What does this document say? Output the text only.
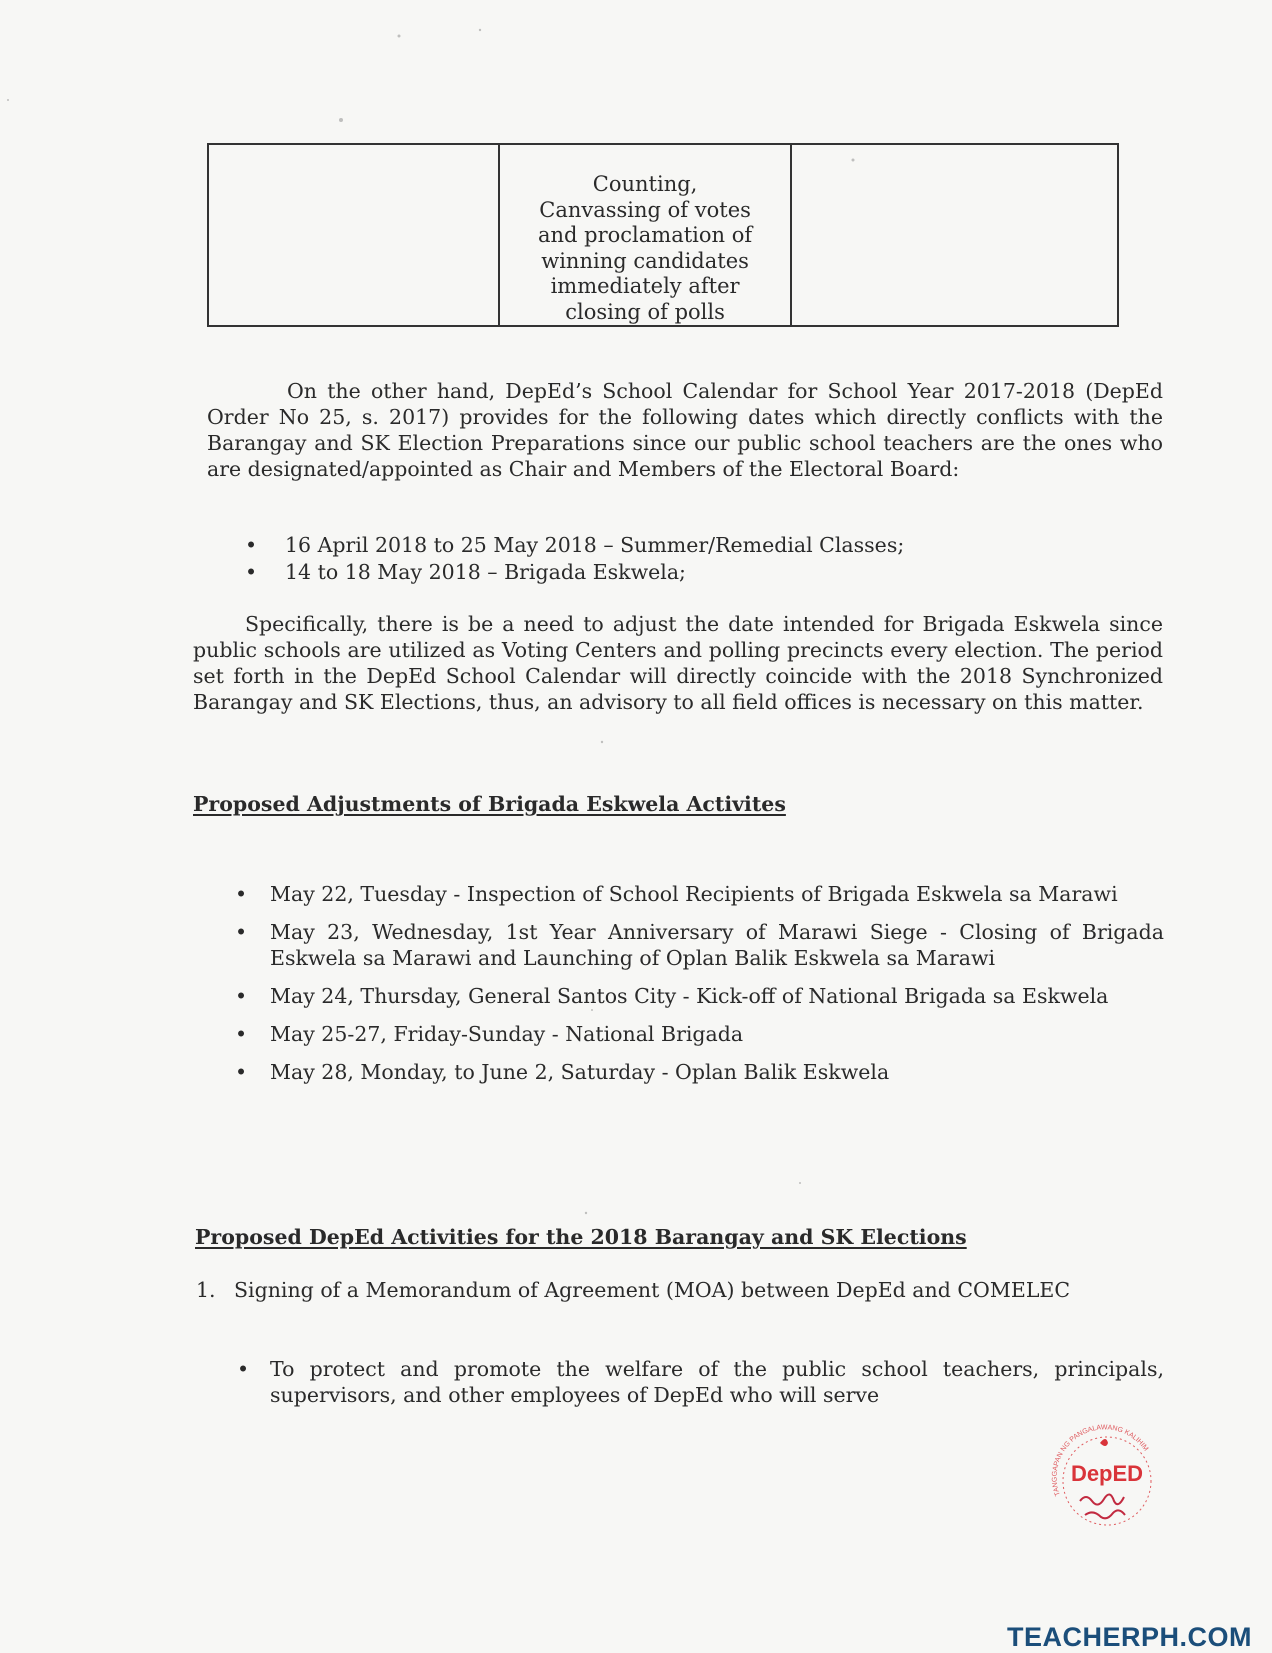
Counting,
Canvassing of votes
and proclamation of
winning candidates
immediately after
closing of polls

On the other hand, DepEd’s School Calendar for School Year 2017-2018 (DepEd Order No 25, s. 2017) provides for the following dates which directly conflicts with the Barangay and SK Election Preparations since our public school teachers are the ones who are designated/appointed as Chair and Members of the Electoral Board:

• 16 April 2018 to 25 May 2018 – Summer/Remedial Classes;
• 14 to 18 May 2018 – Brigada Eskwela;

Specifically, there is be a need to adjust the date intended for Brigada Eskwela since public schools are utilized as Voting Centers and polling precincts every election. The period set forth in the DepEd School Calendar will directly coincide with the 2018 Synchronized Barangay and SK Elections, thus, an advisory to all field offices is necessary on this matter.

Proposed Adjustments of Brigada Eskwela Activites
• May 22, Tuesday - Inspection of School Recipients of Brigada Eskwela sa Marawi
• May 23, Wednesday, 1st Year Anniversary of Marawi Siege - Closing of Brigada Eskwela sa Marawi and Launching of Oplan Balik Eskwela sa Marawi
• May 24, Thursday, General Santos City - Kick-off of National Brigada sa Eskwela
• May 25-27, Friday-Sunday - National Brigada
• May 28, Monday, to June 2, Saturday - Oplan Balik Eskwela
Proposed DepEd Activities for the 2018 Barangay and SK Elections
1. Signing of a Memorandum of Agreement (MOA) between DepEd and COMELEC
• To protect and promote the welfare of the public school teachers, principals, supervisors, and other employees of DepEd who will serve
TANGGAPAN NG PANGALAWANG KALIHIM
DepED
TEACHERPH.COM
